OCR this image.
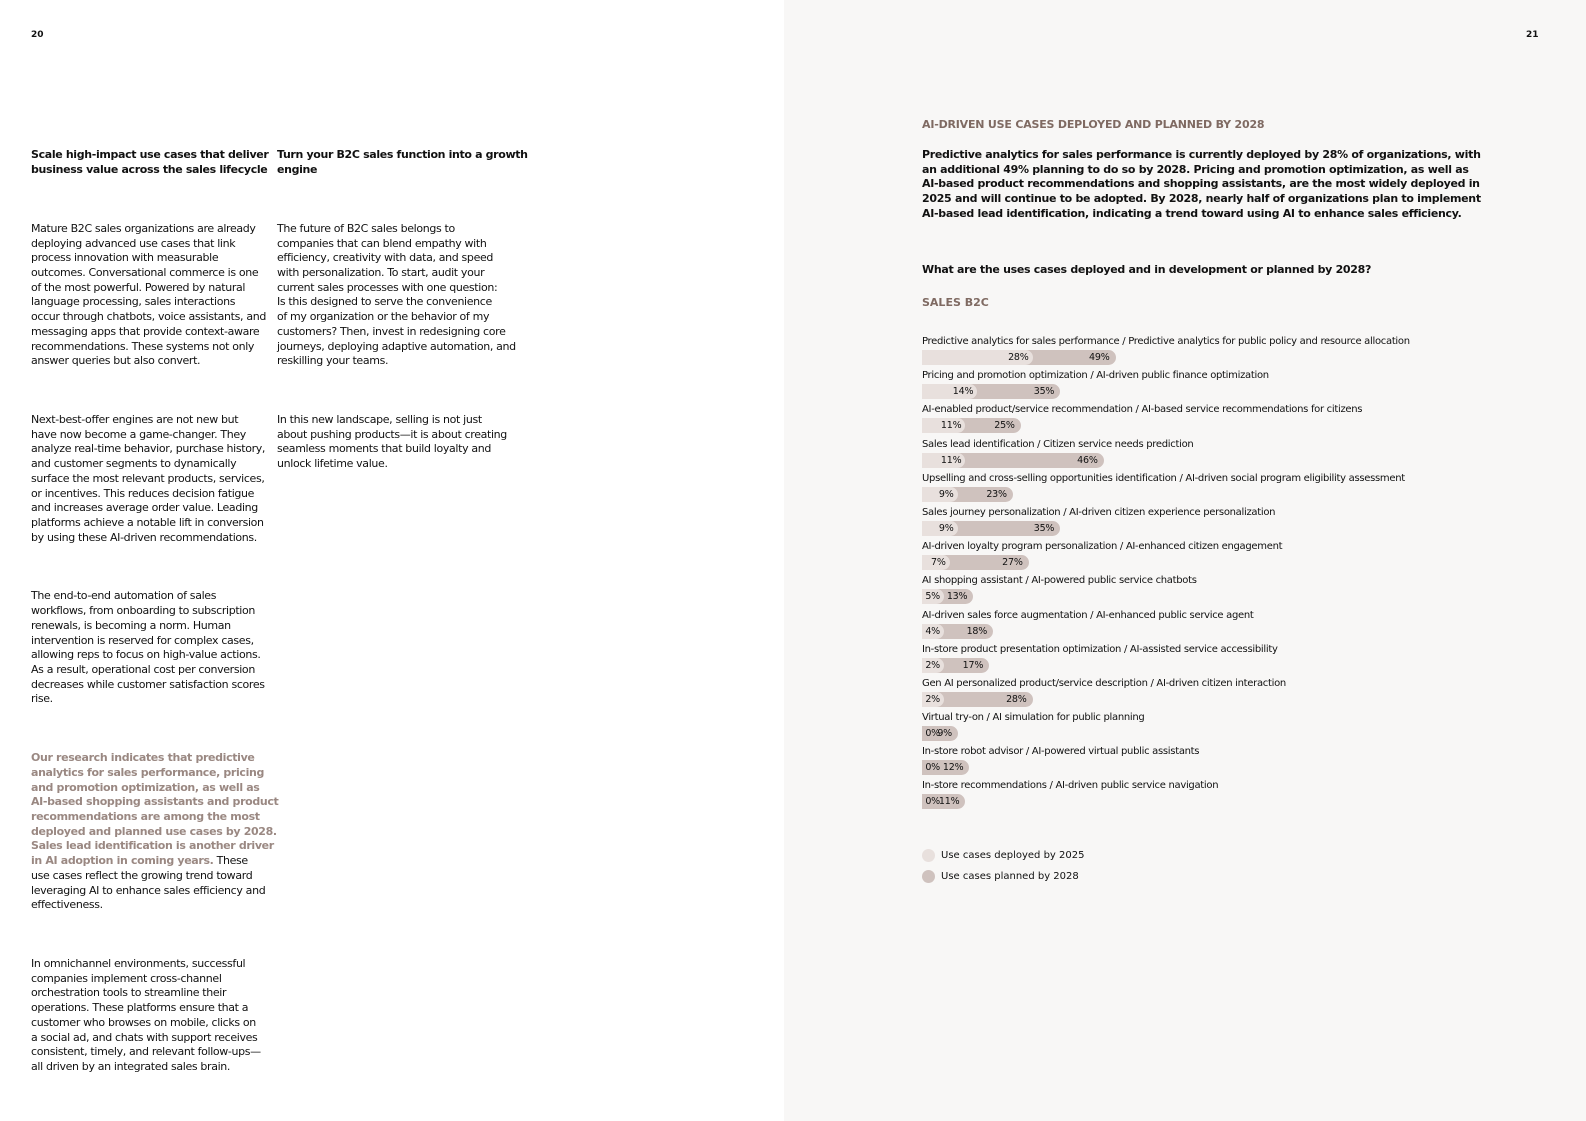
20

Scale high-impact use cases that deliver
business value across the sales lifecycle

Mature B2C sales organizations are already
deploying advanced use cases that link
process innovation with measurable
outcomes. Conversational commerce is one
of the most powerful. Powered by natural
language processing, sales interactions
occur through chatbots, voice assistants, and
messaging apps that provide context-aware
recommendations. These systems not only
answer queries but also convert.

Next-best-offer engines are not new but
have now become a game-changer. They
analyze real-time behavior, purchase history,
and customer segments to dynamically
surface the most relevant products, services,
or incentives. This reduces decision fatigue
and increases average order value. Leading
platforms achieve a notable lift in conversion
by using these AI-driven recommendations.

The end-to-end automation of sales
workflows, from onboarding to subscription
renewals, is becoming a norm. Human
intervention is reserved for complex cases,
allowing reps to focus on high-value actions.
As a result, operational cost per conversion
decreases while customer satisfaction scores
rise.

Our research indicates that predictive
analytics for sales performance, pricing
and promotion optimization, as well as
AI-based shopping assistants and product
recommendations are among the most
deployed and planned use cases by 2028.
Sales lead identification is another driver
in AI adoption in coming years. These
use cases reflect the growing trend toward
leveraging AI to enhance sales efficiency and
effectiveness.

In omnichannel environments, successful
companies implement cross-channel
orchestration tools to streamline their
operations. These platforms ensure that a
customer who browses on mobile, clicks on
a social ad, and chats with support receives
consistent, timely, and relevant follow-ups—
all driven by an integrated sales brain.

Turn your B2C sales function into a growth
engine

The future of B2C sales belongs to
companies that can blend empathy with
efficiency, creativity with data, and speed
with personalization. To start, audit your
current sales processes with one question:
Is this designed to serve the convenience
of my organization or the behavior of my
customers? Then, invest in redesigning core
journeys, deploying adaptive automation, and
reskilling your teams.

In this new landscape, selling is not just
about pushing products—it is about creating
seamless moments that build loyalty and
unlock lifetime value.

21
AI-DRIVEN USE CASES DEPLOYED AND PLANNED BY 2028
Predictive analytics for sales performance is currently deployed by 28% of organizations, with
an additional 49% planning to do so by 2028. Pricing and promotion optimization, as well as
AI-based product recommendations and shopping assistants, are the most widely deployed in
2025 and will continue to be adopted. By 2028, nearly half of organizations plan to implement
AI-based lead identification, indicating a trend toward using AI to enhance sales efficiency.
What are the uses cases deployed and in development or planned by 2028?
SALES B2C
Predictive analytics for sales performance / Predictive analytics for public policy and resource allocation
49%
28%
Pricing and promotion optimization / AI-driven public finance optimization
35%
14%
AI-enabled product/service recommendation / AI-based service recommendations for citizens
25%
11%
Sales lead identification / Citizen service needs prediction
46%
11%
Upselling and cross-selling opportunities identification / AI-driven social program eligibility assessment
23%
9%
Sales journey personalization / AI-driven citizen experience personalization
35%
9%
AI-driven loyalty program personalization / AI-enhanced citizen engagement
27%
7%
AI shopping assistant / AI-powered public service chatbots
13%
5%
AI-driven sales force augmentation / AI-enhanced public service agent
18%
4%
In-store product presentation optimization / AI-assisted service accessibility
17%
2%
Gen AI personalized product/service description / AI-driven citizen interaction
28%
2%
Virtual try-on / AI simulation for public planning
9%
0%
In-store robot advisor / AI-powered virtual public assistants
12%
0%
In-store recommendations / AI-driven public service navigation
11%
0%
Use cases deployed by 2025
Use cases planned by 2028
